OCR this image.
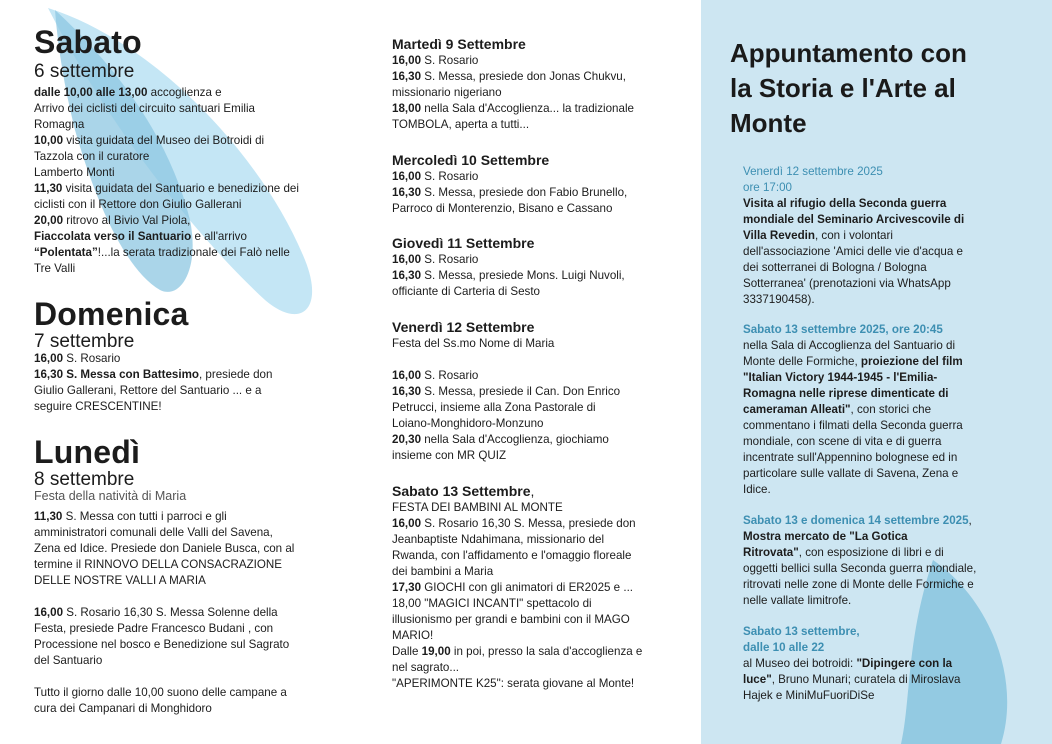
Sabato
6 settembre

dalle 10,00 alle 13,00 accoglienza e

Arrivo dei ciclisti del circuito santuari Emilia

Romagna

10,00 visita guidata del Museo dei Botroidi di

Tazzola con il curatore

Lamberto Monti

11,30 visita guidata del Santuario e benedizione dei

ciclisti con il Rettore don Giulio Gallerani

20,00 ritrovo al Bivio Val Piola,

Fiaccolata verso il Santuario e all'arrivo

“Polentata”!...la serata tradizionale dei Falò nelle

Tre Valli

Domenica
7 settembre

16,00 S. Rosario

16,30 S. Messa con Battesimo, presiede don

Giulio Gallerani, Rettore del Santuario ... e a

seguire CRESCENTINE!

Lunedì
8 settembre
Festa della natività di Maria

11,30 S. Messa con tutti i parroci e gli

amministratori comunali delle Valli del Savena,

Zena ed Idice. Presiede don Daniele Busca, con al

termine il RINNOVO DELLA CONSACRAZIONE

DELLE NOSTRE VALLI A MARIA

16,00 S. Rosario 16,30 S. Messa Solenne della

Festa, presiede Padre Francesco Budani , con

Processione nel bosco e Benedizione sul Sagrato

del Santuario

Tutto il giorno dalle 10,00 suono delle campane a

cura dei Campanari di Monghidoro

Martedì 9 Settembre

16,00 S. Rosario

16,30 S. Messa, presiede don Jonas Chukvu,

missionario nigeriano

18,00 nella Sala d'Accoglienza... la tradizionale

TOMBOLA, aperta a tutti...

Mercoledì 10 Settembre

16,00 S. Rosario

16,30 S. Messa, presiede don Fabio Brunello,

Parroco di Monterenzio, Bisano e Cassano

Giovedì 11 Settembre

16,00 S. Rosario

16,30 S. Messa, presiede Mons. Luigi Nuvoli,

officiante di Carteria di Sesto

Venerdì 12 Settembre

Festa del Ss.mo Nome di Maria

16,00 S. Rosario

16,30 S. Messa, presiede il Can. Don Enrico

Petrucci, insieme alla Zona Pastorale di

Loiano-Monghidoro-Monzuno

20,30 nella Sala d'Accoglienza, giochiamo

insieme con MR QUIZ

Sabato 13 Settembre,

FESTA DEI BAMBINI AL MONTE

16,00 S. Rosario 16,30 S. Messa, presiede don

Jeanbaptiste Ndahimana, missionario del

Rwanda, con l'affidamento e l'omaggio floreale

dei bambini a Maria

17,30 GIOCHI con gli animatori di ER2025 e ...

18,00 "MAGICI INCANTI" spettacolo di

illusionismo per grandi e bambini con il MAGO

MARIO!

Dalle 19,00 in poi, presso la sala d'accoglienza e

nel sagrato...

"APERIMONTE K25": serata giovane al Monte!

Appuntamento con
la Storia e l'Arte al
Monte

Venerdì 12 settembre 2025

ore 17:00

Visita al rifugio della Seconda guerra

mondiale del Seminario Arcivescovile di

Villa Revedin, con i volontari

dell'associazione 'Amici delle vie d'acqua e

dei sotterranei di Bologna / Bologna

Sotterranea' (prenotazioni via WhatsApp

3337190458).

Sabato 13 settembre 2025, ore 20:45

nella Sala di Accoglienza del Santuario di

Monte delle Formiche, proiezione del film

"Italian Victory 1944-1945 - l'Emilia-

Romagna nelle riprese dimenticate di

cameraman Alleati", con storici che

commentano i filmati della Seconda guerra

mondiale, con scene di vita e di guerra

incentrate sull'Appennino bolognese ed in

particolare sulle vallate di Savena, Zena e

Idice.

Sabato 13 e domenica 14 settembre 2025,

Mostra mercato de "La Gotica

Ritrovata", con esposizione di libri e di

oggetti bellici sulla Seconda guerra mondiale,

ritrovati nelle zone di Monte delle Formiche e

nelle vallate limitrofe.

Sabato 13 settembre,

dalle 10 alle 22

al Museo dei botroidi: "Dipingere con la

luce", Bruno Munari; curatela di Miroslava

Hajek e MiniMuFuoriDiSe
